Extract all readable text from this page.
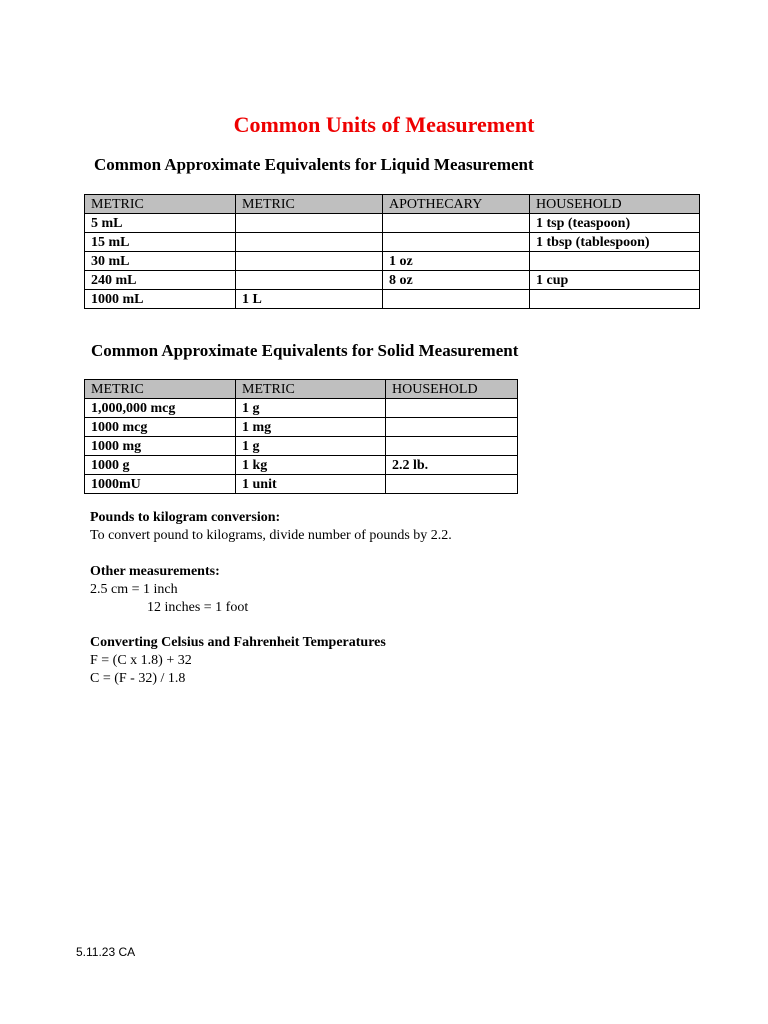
Common Units of Measurement
Common Approximate Equivalents for Liquid Measurement
METRIC	METRIC	APOTHECARY	HOUSEHOLD
5 mL			1 tsp (teaspoon)
15 mL			1 tbsp (tablespoon)
30 mL		1 oz	
240 mL		8 oz	1 cup
1000 mL	1 L		
Common Approximate Equivalents for Solid Measurement
METRIC	METRIC	HOUSEHOLD
1,000,000 mcg	1 g	
1000 mcg	1 mg	
1000 mg	1 g	
1000 g	1 kg	2.2 lb.
1000mU	1 unit	
Pounds to kilogram conversion:
To convert pound to kilograms, divide number of pounds by 2.2.
Other measurements:
2.5 cm = 1 inch
12 inches = 1 foot
Converting Celsius and Fahrenheit Temperatures
F = (C x 1.8) + 32
C = (F - 32) / 1.8
5.11.23 CA
